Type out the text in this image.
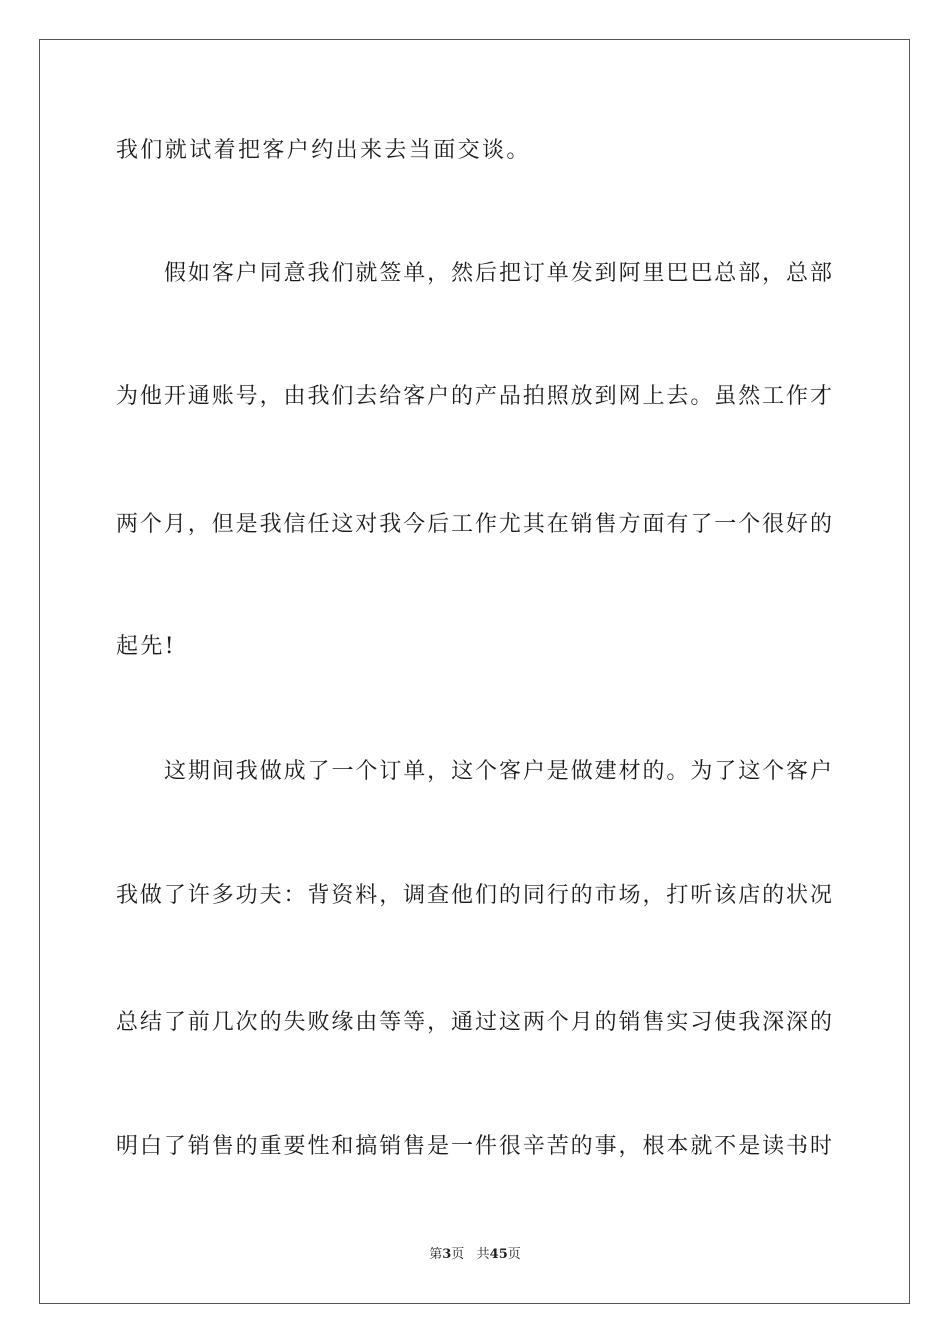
我们就试着把客户约出来去当面交谈。
假如客户同意我们就签单，然后把订单发到阿里巴巴总部，总部
为他开通账号，由我们去给客户的产品拍照放到网上去。虽然工作才
两个月，但是我信任这对我今后工作尤其在销售方面有了一个很好的
起先!
这期间我做成了一个订单，这个客户是做建材的。为了这个客户
我做了许多功夫：背资料，调查他们的同行的市场，打听该店的状况
总结了前几次的失败缘由等等，通过这两个月的销售实习使我深深的
明白了销售的重要性和搞销售是一件很辛苦的事，根本就不是读书时
第3页   共45页
